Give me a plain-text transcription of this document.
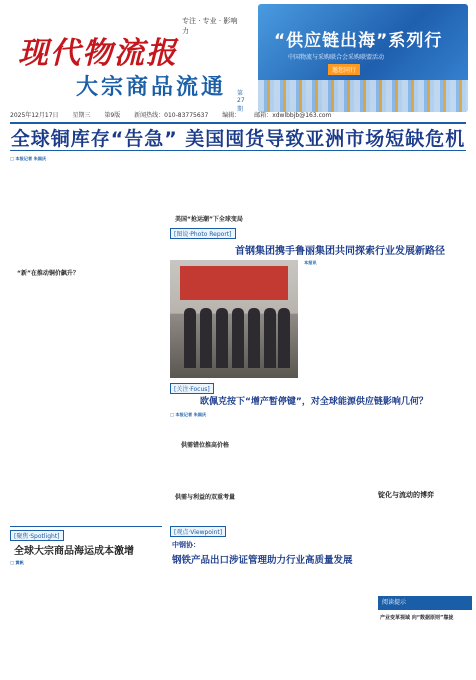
现代物流报
专注 · 专业 · 影响力
大宗商品流通 第27期
“供应链出海”系列行
中国物流与采购联合会采购联盟活动
邀您同行
2025年12月17日 星期三 第9版 新闻热线：010-83775637 编辑： 邮箱：xdwlbbjb@163.com
全球铜库存“告急” 美国囤货导致亚洲市场短缺危机
□ 本报记者 朱国庆
“新”在推动铜价飙升？
美国“抢运潮”下全球变局
[图说·Photo Report]
首钢集团携手鲁丽集团共同探索行业发展新路径
本报讯
[关注·Focus]
欧佩克按下“增产暂停键”，对全球能源供应链影响几何？
□ 本报记者 朱国庆
供需错位推高价格
供需与利益的双重考量	锭化与流动的博弈
阅读提示
产业变革视域 向“数据原则”靠拢
[聚焦·Spotlight]
全球大宗商品海运成本激增
□ 黄帆
[观点·Viewpoint]
中钢协：
钢铁产品出口涉证管理助力行业高质量发展
